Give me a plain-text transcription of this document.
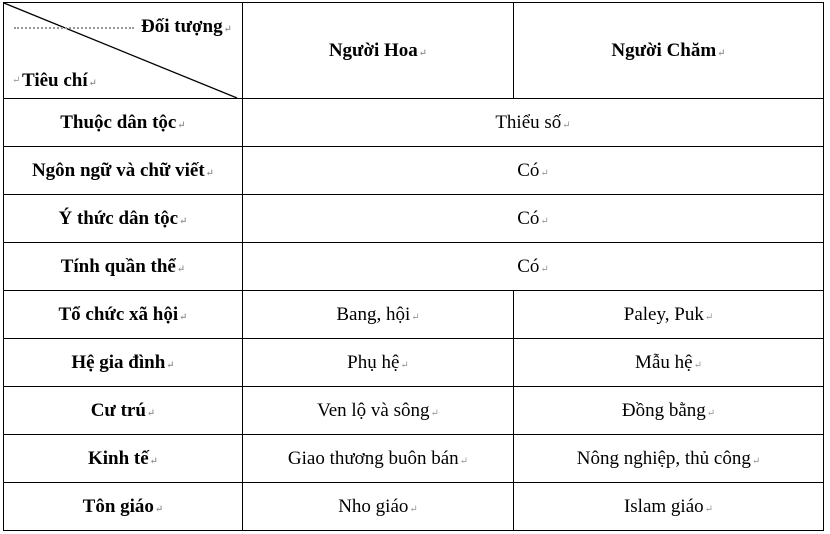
Đối tượng↵
↵ Tiêu chí↵	Người Hoa↵	Người Chăm↵
Thuộc dân tộc↵	Thiểu số↵	
Ngôn ngữ và chữ viết↵	Có↵	
Ý thức dân tộc↵	Có↵	
Tính quần thể↵	Có↵	
Tổ chức xã hội↵	Bang, hội↵	Paley, Puk↵
Hệ gia đình↵	Phụ hệ↵	Mẫu hệ↵
Cư trú↵	Ven lộ và sông↵	Đồng bằng↵
Kinh tế↵	Giao thương buôn bán↵	Nông nghiệp, thủ công↵
Tôn giáo↵	Nho giáo↵	Islam giáo↵
